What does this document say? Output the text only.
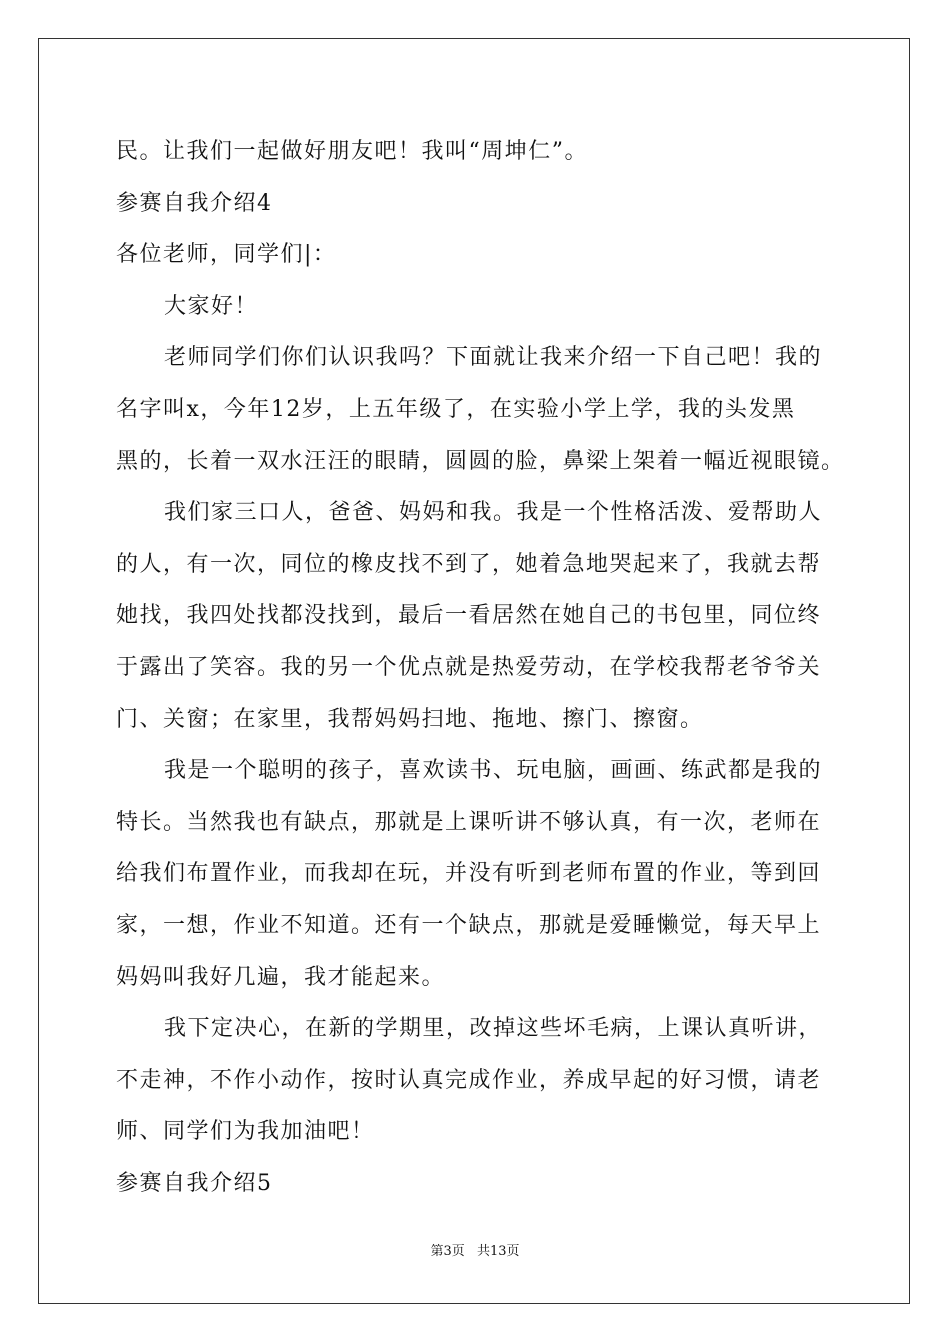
民。让我们一起做好朋友吧！我叫“周坤仁”。

参赛自我介绍4

各位老师，同学们|：

大家好！

老师同学们你们认识我吗？下面就让我来介绍一下自己吧！我的

名字叫x，今年12岁，上五年级了，在实验小学上学，我的头发黑

黑的，长着一双水汪汪的眼睛，圆圆的脸，鼻梁上架着一幅近视眼镜。

我们家三口人，爸爸、妈妈和我。我是一个性格活泼、爱帮助人

的人，有一次，同位的橡皮找不到了，她着急地哭起来了，我就去帮

她找，我四处找都没找到，最后一看居然在她自己的书包里，同位终

于露出了笑容。我的另一个优点就是热爱劳动，在学校我帮老爷爷关

门、关窗；在家里，我帮妈妈扫地、拖地、擦门、擦窗。

我是一个聪明的孩子，喜欢读书、玩电脑，画画、练武都是我的

特长。当然我也有缺点，那就是上课听讲不够认真，有一次，老师在

给我们布置作业，而我却在玩，并没有听到老师布置的作业，等到回

家，一想，作业不知道。还有一个缺点，那就是爱睡懒觉，每天早上

妈妈叫我好几遍，我才能起来。

我下定决心，在新的学期里，改掉这些坏毛病，上课认真听讲，

不走神，不作小动作，按时认真完成作业，养成早起的好习惯，请老

师、同学们为我加油吧！

参赛自我介绍5

第3页 共13页
